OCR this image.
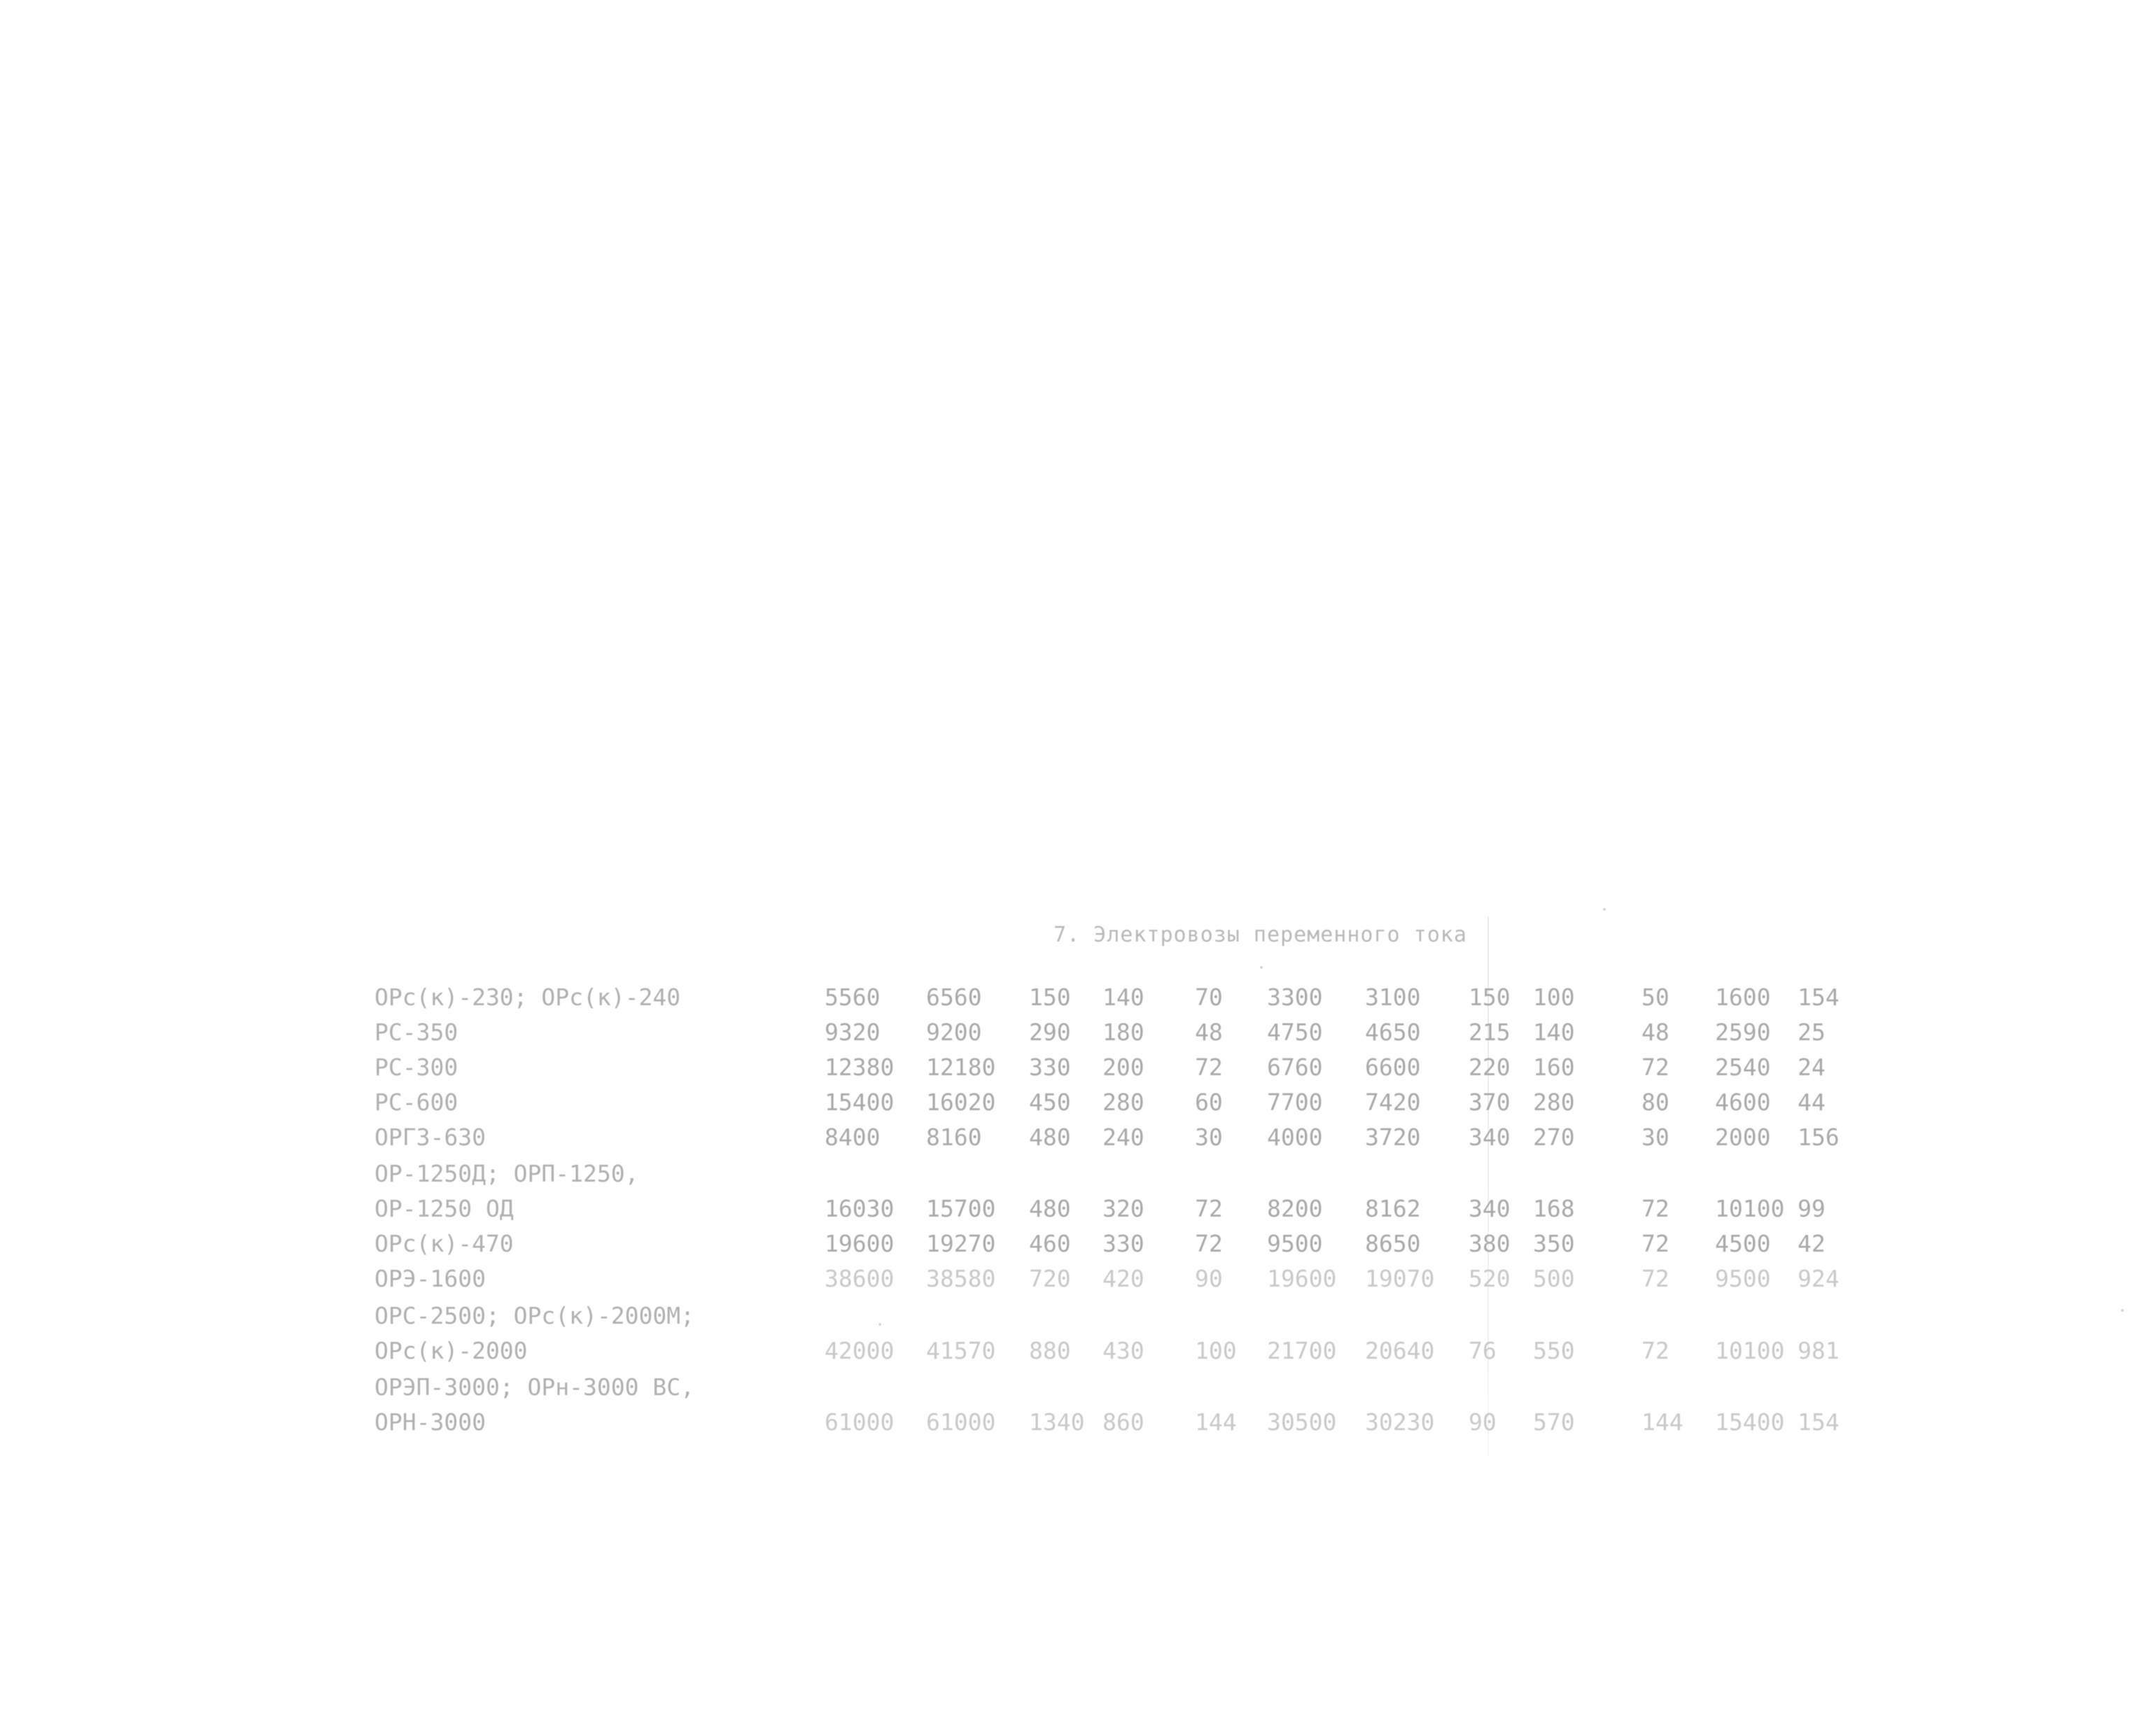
7. Электровозы переменного тока
ОРс(к)-230; ОРс(к)-240	5560 6560 150 140 70 3300 3100 150 100	50 1600 154
РС-350	9320 9200 290 180 48 4750 4650 215 140	48 2590 25
РС-300	12380 12180 330 200 72 6760 6600 220 160	72 2540 24
РС-600	15400 16020 450 280 60 7700 7420 370 280	80 4600 44
ОРГЗ-630	8400 8160 480 240 30 4000 3720 340 270	30 2000 156
ОР-1250Д; ОРП-1250,
ОР-1250 ОД	16030 15700 480 320 72 8200 8162 340 168	72 10100 99
ОРс(к)-470	19600 19270 460 330 72 9500 8650 380 350	72 4500 42
ОРЭ-1600	38600 38580 720 420 90 19600 19070 520 500	72 9500 924
ОРС-2500; ОРс(к)-2000М;
ОРс(к)-2000	42000 41570 880 430 100 21700 20640 76 550	72 10100 981
ОРЭП-3000; ОРн-3000 ВС,
ОРН-3000	61000 61000 1340 860 144 30500 30230 90 570	144 15400 154
